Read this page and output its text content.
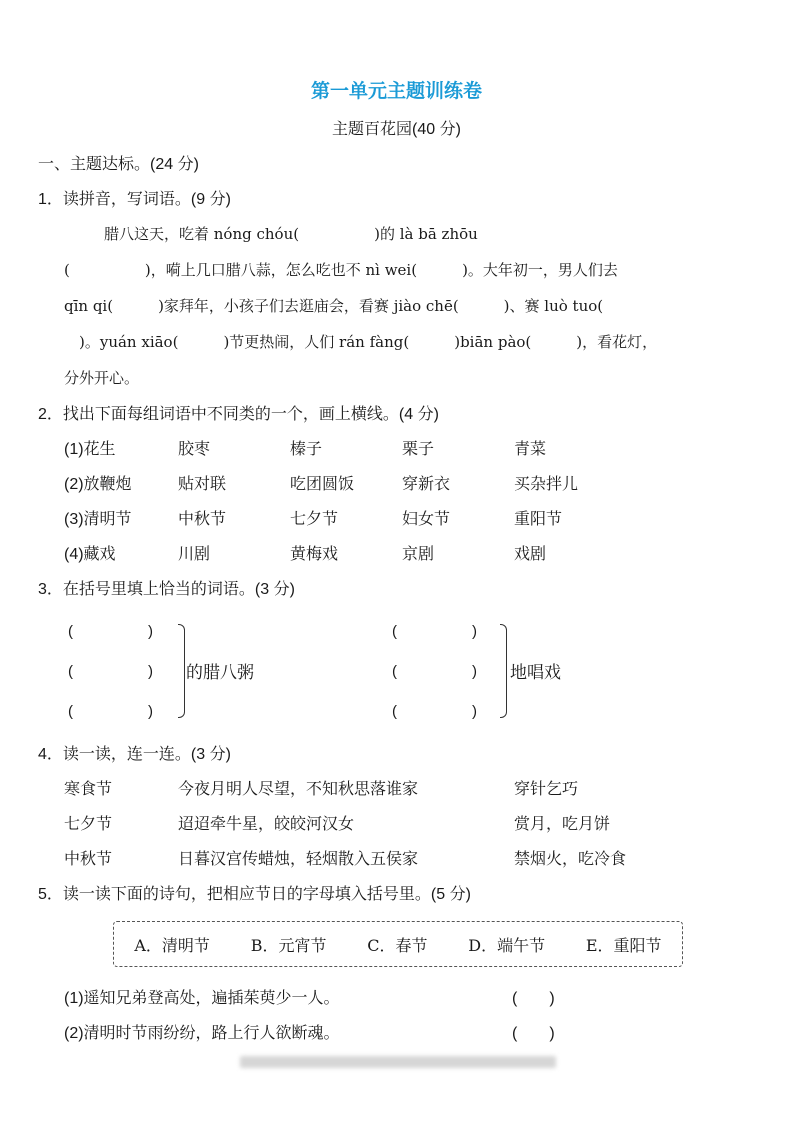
第一单元主题训练卷
主题百花园(40 分)
一、主题达标。(24 分)
1．读拼音，写词语。(9 分)
腊八这天，吃着 nóng chóu(　　　　　)的 là bā zhōu
(　　　　　)，嗬上几口腊八蒜，怎么吃也不 nì wei(　　　)。大年初一，男人们去
qīn qi(　　　)家拜年，小孩子们去逛庙会，看赛 jiào chē(　　　)、赛 luò tuo(
　)。yuán xiāo(　　　)节更热闹，人们 rán fàng(　　　)biān pào(　　　)，看花灯，
分外开心。
2．找出下面每组词语中不同类的一个，画上横线。(4 分)
(1)花生	胶枣	榛子	栗子	青菜
(2)放鞭炮	贴对联	吃团圆饭	穿新衣	买杂拌儿
(3)清明节	中秋节	七夕节	妇女节	重阳节
(4)藏戏	川剧	黄梅戏	京剧	戏剧
3．在括号里填上恰当的词语。(3 分)
(　　　　　)
(　　　　　)
(　　　　　)
的腊八粥
(　　　　　)
(　　　　　)
(　　　　　)
地唱戏
4．读一读，连一连。(3 分)
寒食节	今夜月明人尽望，不知秋思落谁家	穿针乞巧
七夕节	迢迢牵牛星，皎皎河汉女	赏月，吃月饼
中秋节	日暮汉宫传蜡烛，轻烟散入五侯家	禁烟火，吃冷食
5．读一读下面的诗句，把相应节日的字母填入括号里。(5 分)
A．清明节	B．元宵节	C．春节	D．端午节	E．重阳节
(1)遥知兄弟登高处，遍插茱萸少一人。	(　　)
(2)清明时节雨纷纷，路上行人欲断魂。	(　　)
